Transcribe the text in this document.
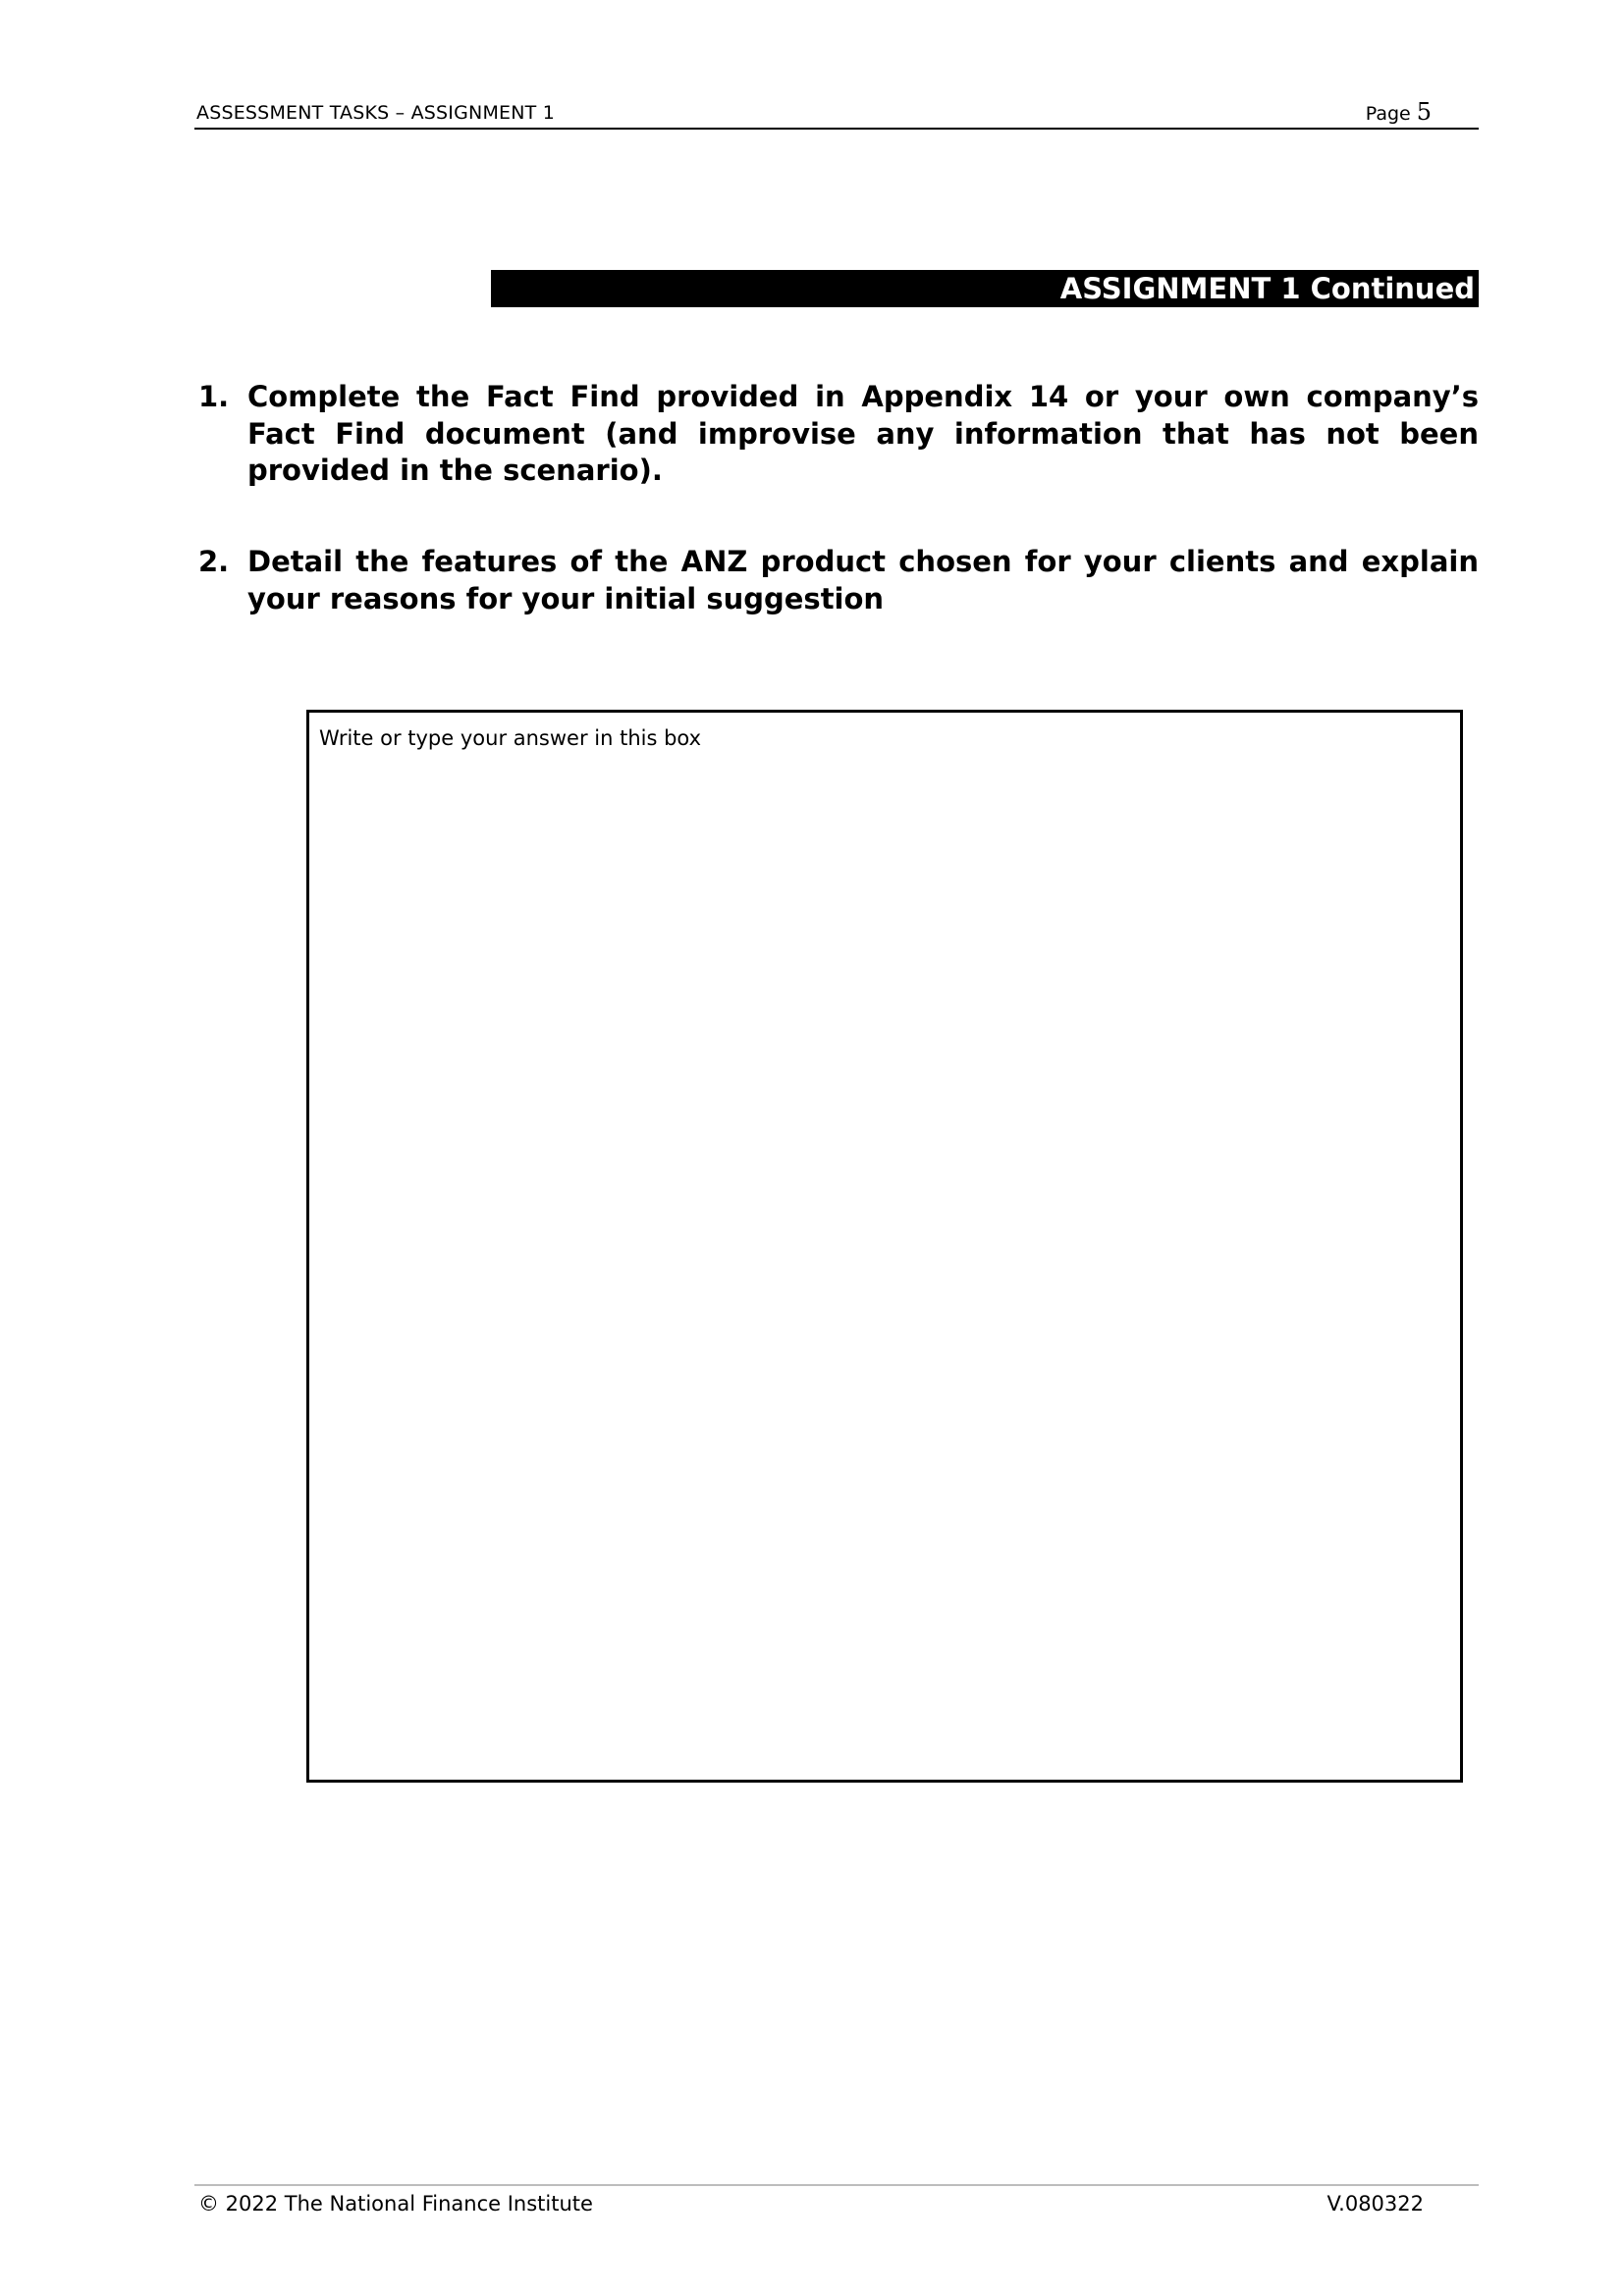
ASSESSMENT TASKS – ASSIGNMENT 1	Page 5
ASSIGNMENT 1 Continued
1. Complete the Fact Find provided in Appendix 14 or your own company’s Fact Find document (and improvise any information that has not been provided in the scenario).
2. Detail the features of the ANZ product chosen for your clients and explain your reasons for your initial suggestion
Write or type your answer in this box
© 2022 The National Finance Institute	V.080322
